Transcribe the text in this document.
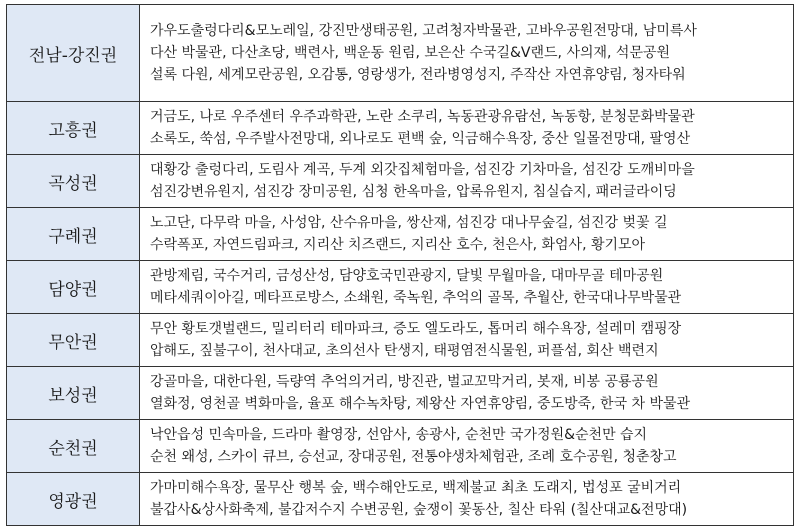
전남-강진권	가우도출렁다리&모노레일, 강진만생태공원, 고려청자박물관, 고바우공원전망대, 남미륵사
다산 박물관, 다산초당, 백련사, 백운동 원림, 보은산 수국길&V랜드, 사의재, 석문공원
설록 다원, 세계모란공원, 오감통, 영랑생가, 전라병영성지, 주작산 자연휴양림, 청자타워

고흥권	거금도, 나로 우주센터 우주과학관, 노란 소쿠리, 녹동관광유람선, 녹동항, 분청문화박물관
소록도, 쑥섬, 우주발사전망대, 외나로도 편백 숲, 익금해수욕장, 중산 일몰전망대, 팔영산

곡성권	대황강 출렁다리, 도림사 계곡, 두계 외갓집체험마을, 섬진강 기차마을, 섬진강 도깨비마을
섬진강변유원지, 섬진강 장미공원, 심청 한옥마을, 압록유원지, 침실습지, 패러글라이딩

구례권	노고단, 다무락 마을, 사성암, 산수유마을, 쌍산재, 섬진강 대나무숲길, 섬진강 벚꽃 길
수락폭포, 자연드림파크, 지리산 치즈랜드, 지리산 호수, 천은사, 화엄사, 황기모아

담양권	관방제림, 국수거리, 금성산성, 담양호국민관광지, 달빛 무월마을, 대마무골 테마공원
메타세쿼이아길, 메타프로방스, 소쇄원, 죽녹원, 추억의 골목, 추월산, 한국대나무박물관

무안권	무안 황토갯벌랜드, 밀리터리 테마파크, 증도 엘도라도, 톱머리 해수욕장, 설레미 캠핑장
압해도, 짚불구이, 천사대교, 초의선사 탄생지, 태평염전식물원, 퍼플섬, 회산 백련지

보성권	강골마을, 대한다원, 득량역 추억의거리, 방진관, 벌교꼬막거리, 봇재, 비봉 공룡공원
열화정, 영천골 벽화마을, 율포 해수녹차탕, 제왕산 자연휴양림, 중도방죽, 한국 차 박물관

순천권	낙안읍성 민속마을, 드라마 촬영장, 선암사, 송광사, 순천만 국가정원&순천만 습지
순천 왜성, 스카이 큐브, 승선교, 장대공원, 전통야생차체험관, 조례 호수공원, 청춘창고

영광권	가마미해수욕장, 물무산 행복 숲, 백수해안도로, 백제불교 최초 도래지, 법성포 굴비거리
불갑사&상사화축제, 불갑저수지 수변공원, 숲쟁이 꽃동산, 칠산 타워 (칠산대교&전망대)
